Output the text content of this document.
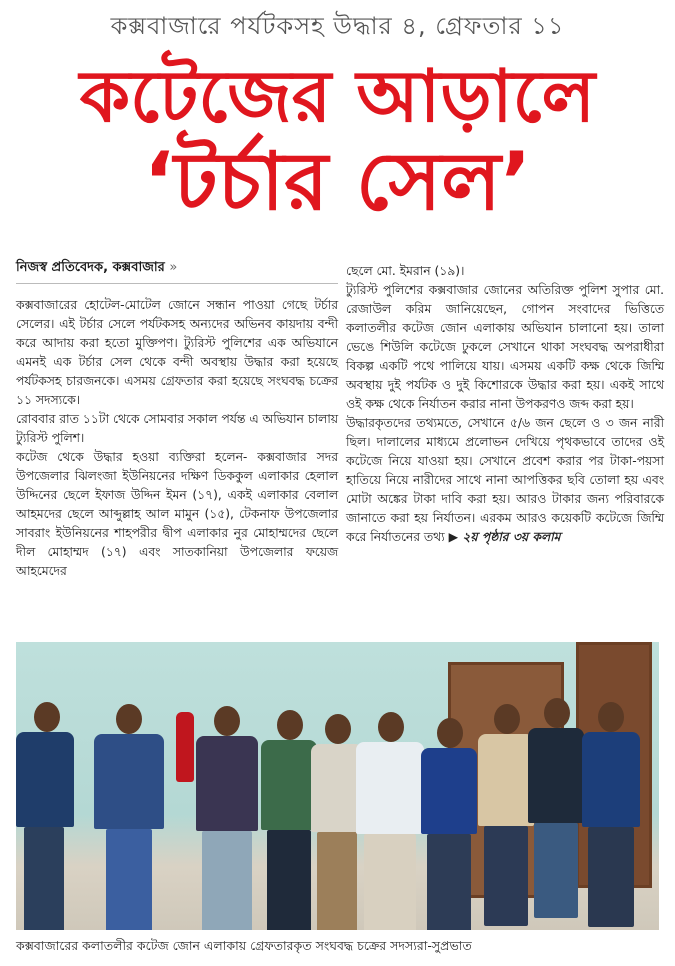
কক্সবাজারে পর্যটকসহ উদ্ধার ৪, গ্রেফতার ১১
কটেজের আড়ালে
‘টর্চার সেল’
নিজস্ব প্রতিবেদক, কক্সবাজার »

কক্সবাজারের হোটেল-মোটেল জোনে সন্ধান পাওয়া গেছে টর্চার সেলের। এই টর্চার সেলে পর্যটকসহ অন্যদের অভিনব কায়দায় বন্দী করে আদায় করা হতো মুক্তিপণ। ট্যুরিস্ট পুলিশের এক অভিযানে এমনই এক টর্চার সেল থেকে বন্দী অবস্থায় উদ্ধার করা হয়েছে পর্যটকসহ চারজনকে। এসময় গ্রেফতার করা হয়েছে সংঘবদ্ধ চক্রের ১১ সদস্যকে।

রোববার রাত ১১টা থেকে সোমবার সকাল পর্যন্ত এ অভিযান চালায় ট্যুরিস্ট পুলিশ।

কটেজ থেকে উদ্ধার হওয়া ব্যক্তিরা হলেন- কক্সবাজার সদর উপজেলার ঝিলংজা ইউনিয়নের দক্ষিণ ডিককুল এলাকার হেলাল উদ্দিনের ছেলে ইফাজ উদ্দিন ইমন (১৭), একই এলাকার বেলাল আহমদের ছেলে আব্দুল্লাহ আল মামুন (১৫), টেকনাফ উপজেলার সাবরাং ইউনিয়নের শাহপরীর দ্বীপ এলাকার নুর মোহাম্মদের ছেলে দীল মোহাম্মদ (১৭) এবং সাতকানিয়া উপজেলার ফয়েজ আহমেদের

ছেলে মো. ইমরান (১৯)।

ট্যুরিস্ট পুলিশের কক্সবাজার জোনের অতিরিক্ত পুলিশ সুপার মো. রেজাউল করিম জানিয়েছেন, গোপন সংবাদের ভিত্তিতে কলাতলীর কটেজ জোন এলাকায় অভিযান চালানো হয়। তালা ভেঙে শিউলি কটেজে ঢুকলে সেখানে থাকা সংঘবদ্ধ অপরাধীরা বিকল্প একটি পথে পালিয়ে যায়। এসময় একটি কক্ষ থেকে জিম্মি অবস্থায় দুই পর্যটক ও দুই কিশোরকে উদ্ধার করা হয়। একই সাথে ওই কক্ষ থেকে নির্যাতন করার নানা উপকরণও জব্দ করা হয়।

উদ্ধারকৃতদের তথ্যমতে, সেখানে ৫/৬ জন ছেলে ও ৩ জন নারী ছিল। দালালের মাধ্যমে প্রলোভন দেখিয়ে পৃথকভাবে তাদের ওই কটেজে নিয়ে যাওয়া হয়। সেখানে প্রবেশ করার পর টাকা-পয়সা হাতিয়ে নিয়ে নারীদের সাথে নানা আপত্তিকর ছবি তোলা হয় এবং মোটা অঙ্কের টাকা দাবি করা হয়। আরও টাকার জন্য পরিবারকে জানাতে করা হয় নির্যাতন। এরকম আরও কয়েকটি কটেজে জিম্মি করে নির্যাতনের তথ্য ▶ ২য় পৃষ্ঠার ৩য় কলাম

কক্সবাজারের কলাতলীর কটেজ জোন এলাকায় গ্রেফতারকৃত সংঘবদ্ধ চক্রের সদস্যরা-সুপ্রভাত
